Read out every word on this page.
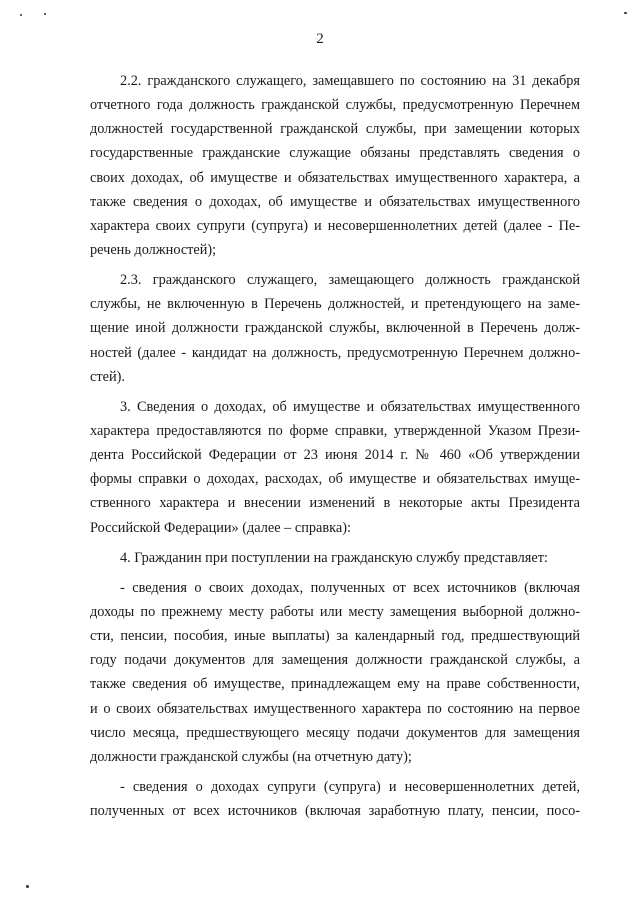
2
2.2. гражданского служащего, замещавшего по состоянию на 31 декабря
отчетного года должность гражданской службы, предусмотренную Перечнем
должностей государственной гражданской службы, при замещении которых
государственные гражданские служащие обязаны представлять сведения о
своих доходах, об имуществе и обязательствах имущественного характера, а
также сведения о доходах, об имуществе и обязательствах имущественного
характера своих супруги (супруга) и несовершеннолетних детей (далее - Пе-
речень должностей);
2.3. гражданского служащего, замещающего должность гражданской
службы, не включенную в Перечень должностей, и претендующего на заме-
щение иной должности гражданской службы, включенной в Перечень долж-
ностей (далее - кандидат на должность, предусмотренную Перечнем должно-
стей).
3. Сведения о доходах, об имуществе и обязательствах имущественного
характера предоставляются по форме справки, утвержденной Указом Прези-
дента Российской Федерации от 23 июня 2014 г. № 460 «Об утверждении
формы справки о доходах, расходах, об имуществе и обязательствах имуще-
ственного характера и внесении изменений в некоторые акты Президента
Российской Федерации» (далее – справка):
4. Гражданин при поступлении на гражданскую службу представляет:
- сведения о своих доходах, полученных от всех источников (включая
доходы по прежнему месту работы или месту замещения выборной должно-
сти, пенсии, пособия, иные выплаты) за календарный год, предшествующий
году подачи документов для замещения должности гражданской службы, а
также сведения об имуществе, принадлежащем ему на праве собственности,
и о своих обязательствах имущественного характера по состоянию на первое
число месяца, предшествующего месяцу подачи документов для замещения
должности гражданской службы (на отчетную дату);
- сведения о доходах супруги (супруга) и несовершеннолетних детей,
полученных от всех источников (включая заработную плату, пенсии, посо-
